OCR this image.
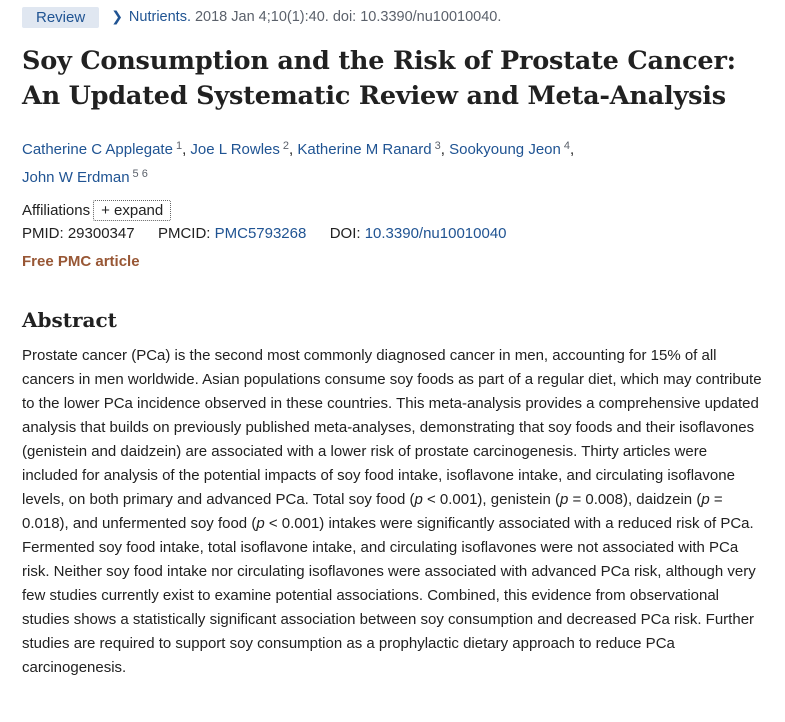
Review	❯ Nutrients. 2018 Jan 4;10(1):40. doi: 10.3390/nu10010040.
Soy Consumption and the Risk of Prostate Cancer: An Updated Systematic Review and Meta-Analysis
Catherine C Applegate $^1$, Joe L Rowles $^2$, Katherine M Ranard $^3$, Sookyoung Jeon $^4$,
John W Erdman $^{5 6}$
Affiliations + expand
PMID: 29300347 PMCID: PMC5793268 DOI: 10.3390/nu10010040
Free PMC article
Abstract
Prostate cancer (PCa) is the second most commonly diagnosed cancer in men, accounting for 15% of all cancers in men worldwide. Asian populations consume soy foods as part of a regular diet, which may contribute to the lower PCa incidence observed in these countries. This meta-analysis provides a comprehensive updated analysis that builds on previously published meta-analyses, demonstrating that soy foods and their isoflavones (genistein and daidzein) are associated with a lower risk of prostate carcinogenesis. Thirty articles were included for analysis of the potential impacts of soy food intake, isoflavone intake, and circulating isoflavone levels, on both primary and advanced PCa. Total soy food (p < 0.001), genistein (p = 0.008), daidzein (p = 0.018), and unfermented soy food (p < 0.001) intakes were significantly associated with a reduced risk of PCa. Fermented soy food intake, total isoflavone intake, and circulating isoflavones were not associated with PCa risk. Neither soy food intake nor circulating isoflavones were associated with advanced PCa risk, although very few studies currently exist to examine potential associations. Combined, this evidence from observational studies shows a statistically significant association between soy consumption and decreased PCa risk. Further studies are required to support soy consumption as a prophylactic dietary approach to reduce PCa carcinogenesis.
